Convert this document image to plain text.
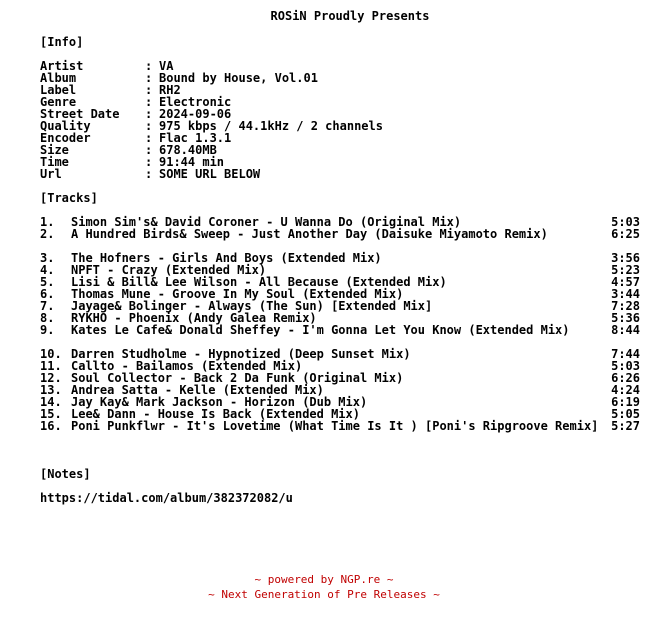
ROSiN Proudly Presents
[Info]
Artist	: VA
Album	: Bound by House, Vol.01
Label	: RH2
Genre	: Electronic
Street Date : 2024-09-06
Quality	: 975 kbps / 44.1kHz / 2 channels
Encoder	: Flac 1.3.1
Size	: 678.40MB
Time	: 91:44 min
Url	: SOME URL BELOW
[Tracks]
1.	Simon Sim's& David Coroner - U Wanna Do (Original Mix)	5:03
2.	A Hundred Birds& Sweep - Just Another Day (Daisuke Miyamoto Remix)	6:25
3.	The Hofners - Girls And Boys (Extended Mix)	3:56
4.	NPFT - Crazy (Extended Mix)	5:23
5.	Lisi & Bill& Lee Wilson - All Because (Extended Mix)	4:57
6.	Thomas Mune - Groove In My Soul (Extended Mix)	3:44
7.	Jayage& Bolinger - Always (The Sun) [Extended Mix]	7:28
8.	RYKHO - Phoenix (Andy Galea Remix)	5:36
9.	Kates Le Cafe& Donald Sheffey - I'm Gonna Let You Know (Extended Mix)	8:44
10. Darren Studholme - Hypnotized (Deep Sunset Mix)	7:44
11. Callto - Bailamos (Extended Mix)	5:03
12. Soul Collector - Back 2 Da Funk (Original Mix)	6:26
13. Andrea Satta - Kelle (Extended Mix)	4:24
14. Jay Kay& Mark Jackson - Horizon (Dub Mix)	6:19
15. Lee& Dann - House Is Back (Extended Mix)	5:05
16. Poni Punkflwr - It's Lovetime (What Time Is It ) [Poni's Ripgroove Remix]	5:27
[Notes]
https://tidal.com/album/382372082/u
~ powered by NGP.re ~
~ Next Generation of Pre Releases ~
